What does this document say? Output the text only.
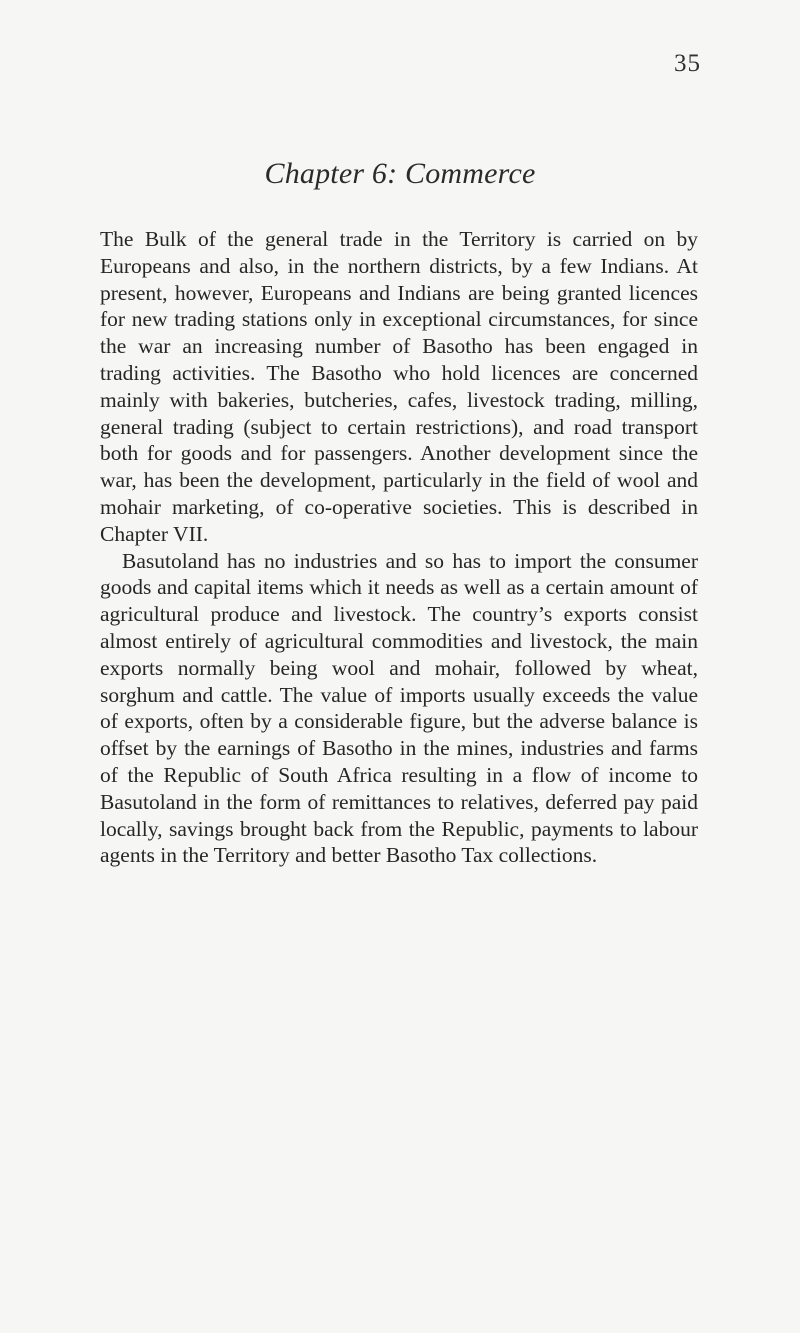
35
Chapter 6: Commerce

The Bulk of the general trade in the Territory is carried on by Europeans and also, in the northern districts, by a few Indians. At present, however, Europeans and Indians are being granted licences for new trading stations only in exceptional circumstances, for since the war an increasing number of Basotho has been engaged in trading activities. The Basotho who hold licences are concerned mainly with bakeries, butcheries, cafes, livestock trading, milling, general trading (subject to certain restrictions), and road transport both for goods and for passengers. Another development since the war, has been the development, particularly in the field of wool and mohair marketing, of co-operative societies. This is described in Chapter VII.

Basutoland has no industries and so has to import the consumer goods and capital items which it needs as well as a certain amount of agricultural produce and livestock. The country’s exports consist almost entirely of agricultural commodities and livestock, the main exports normally being wool and mohair, followed by wheat, sorghum and cattle. The value of imports usually exceeds the value of exports, often by a considerable figure, but the adverse balance is offset by the earnings of Basotho in the mines, industries and farms of the Republic of South Africa resulting in a flow of income to Basutoland in the form of remittances to relatives, deferred pay paid locally, savings brought back from the Republic, payments to labour agents in the Territory and better Basotho Tax collections.
